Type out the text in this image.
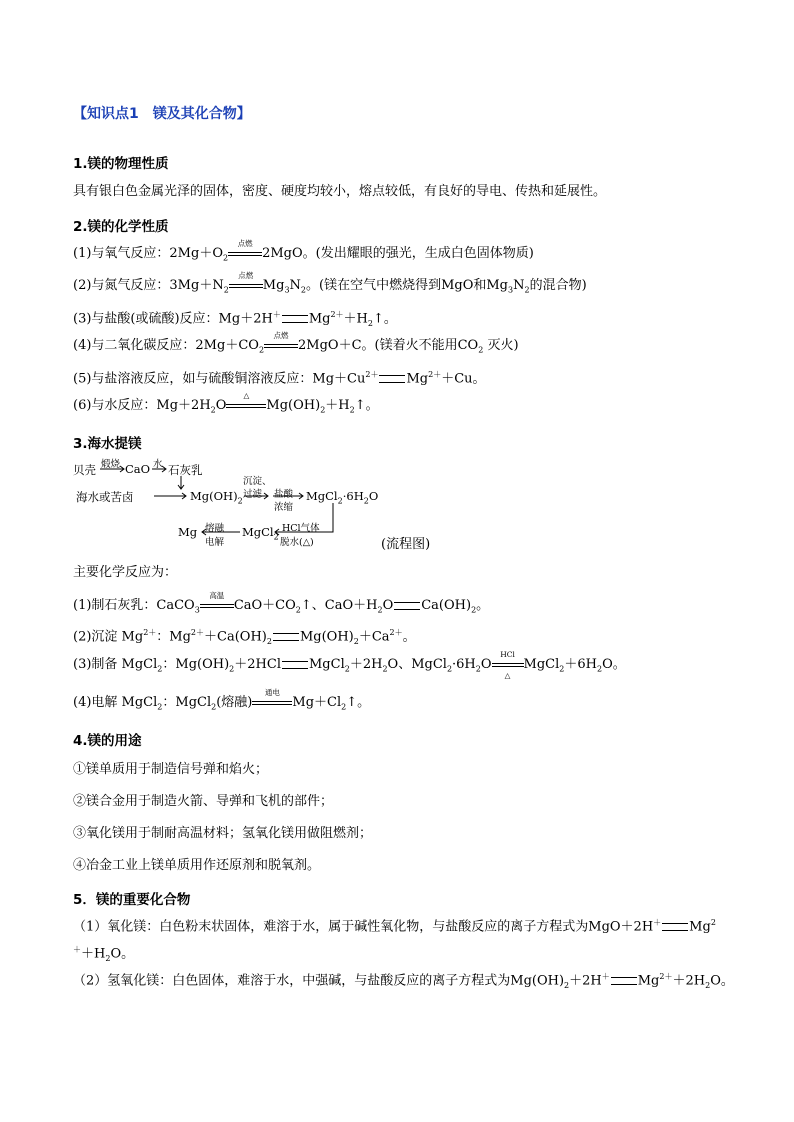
【知识点1　镁及其化合物】
1.镁的物理性质
具有银白色金属光泽的固体，密度、硬度均较小，熔点较低，有良好的导电、传热和延展性。
2.镁的化学性质
(1)与氧气反应：$2Mg+O_2$
点燃
2MgO。(发出耀眼的强光，生成白色固体物质)
(2)与氮气反应：$3Mg+N_2$
点燃
$Mg_3N_2$。(镁在空气中燃烧得到MgO和$Mg_3N_2$的混合物)
(3)与盐酸(或硫酸)反应：Mg＋2H＋ $Mg^{2+}+H_2↑$。
(4)与二氧化碳反应：$2Mg+CO_2$
点燃
2MgO＋C。(镁着火不能用$CO_2$ 灭火)
(5)与盐溶液反应，如与硫酸铜溶液反应：$Mg+Cu^{2+}$ $Mg^{2+}+Cu$。
(6)与水反应：$Mg+2H_2O$
△
$Mg(OH)_2+H_2↑$。
3.海水提镁
贝壳 煅烧 CaO 水 石灰乳
海水或苦卤	$Mg(OH)_2$
沉淀、
过滤 盐酸
浓缩
$MgCl_2\cdot 6H_2O$
Mg 熔融
电解
MgCl$_2$
HCl气体
脱水(△)	(流程图)
主要化学反应为：
(1)制石灰乳：CaCO$_3$
高温
$CaO+CO_2↑$、$CaO+H_2O$ $Ca(OH)_2$。
(2)沉淀 $Mg^{2+}$：$Mg^{2+}+Ca(OH)_2$ $Mg(OH)_2+Ca^{2+}$。
(3)制备 MgCl$_2$：$Mg(OH)_2+2HCl$ $MgCl_2+2H_2O$、$MgCl_2\cdot 6H_2O$
HCl
△
$MgCl_2+6H_2O$。
(4)电解 MgCl$_2$：MgCl$_2$(熔融)
通电
$Mg+Cl_2↑$。
4.镁的用途
①镁单质用于制造信号弹和焰火；
②镁合金用于制造火箭、导弹和飞机的部件；
③氧化镁用于制耐高温材料；氢氧化镁用做阻燃剂；
④冶金工业上镁单质用作还原剂和脱氧剂。
5．镁的重要化合物
（1）氧化镁：白色粉末状固体，难溶于水，属于碱性氧化物，与盐酸反应的离子方程式为MgO＋2H＋ Mg$^2$
$^++H_2O$。
（2）氢氧化镁：白色固体，难溶于水，中强碱，与盐酸反应的离子方程式为$Mg(OH)_2+2H^+$ $Mg^{2+}+2H_2O$。
